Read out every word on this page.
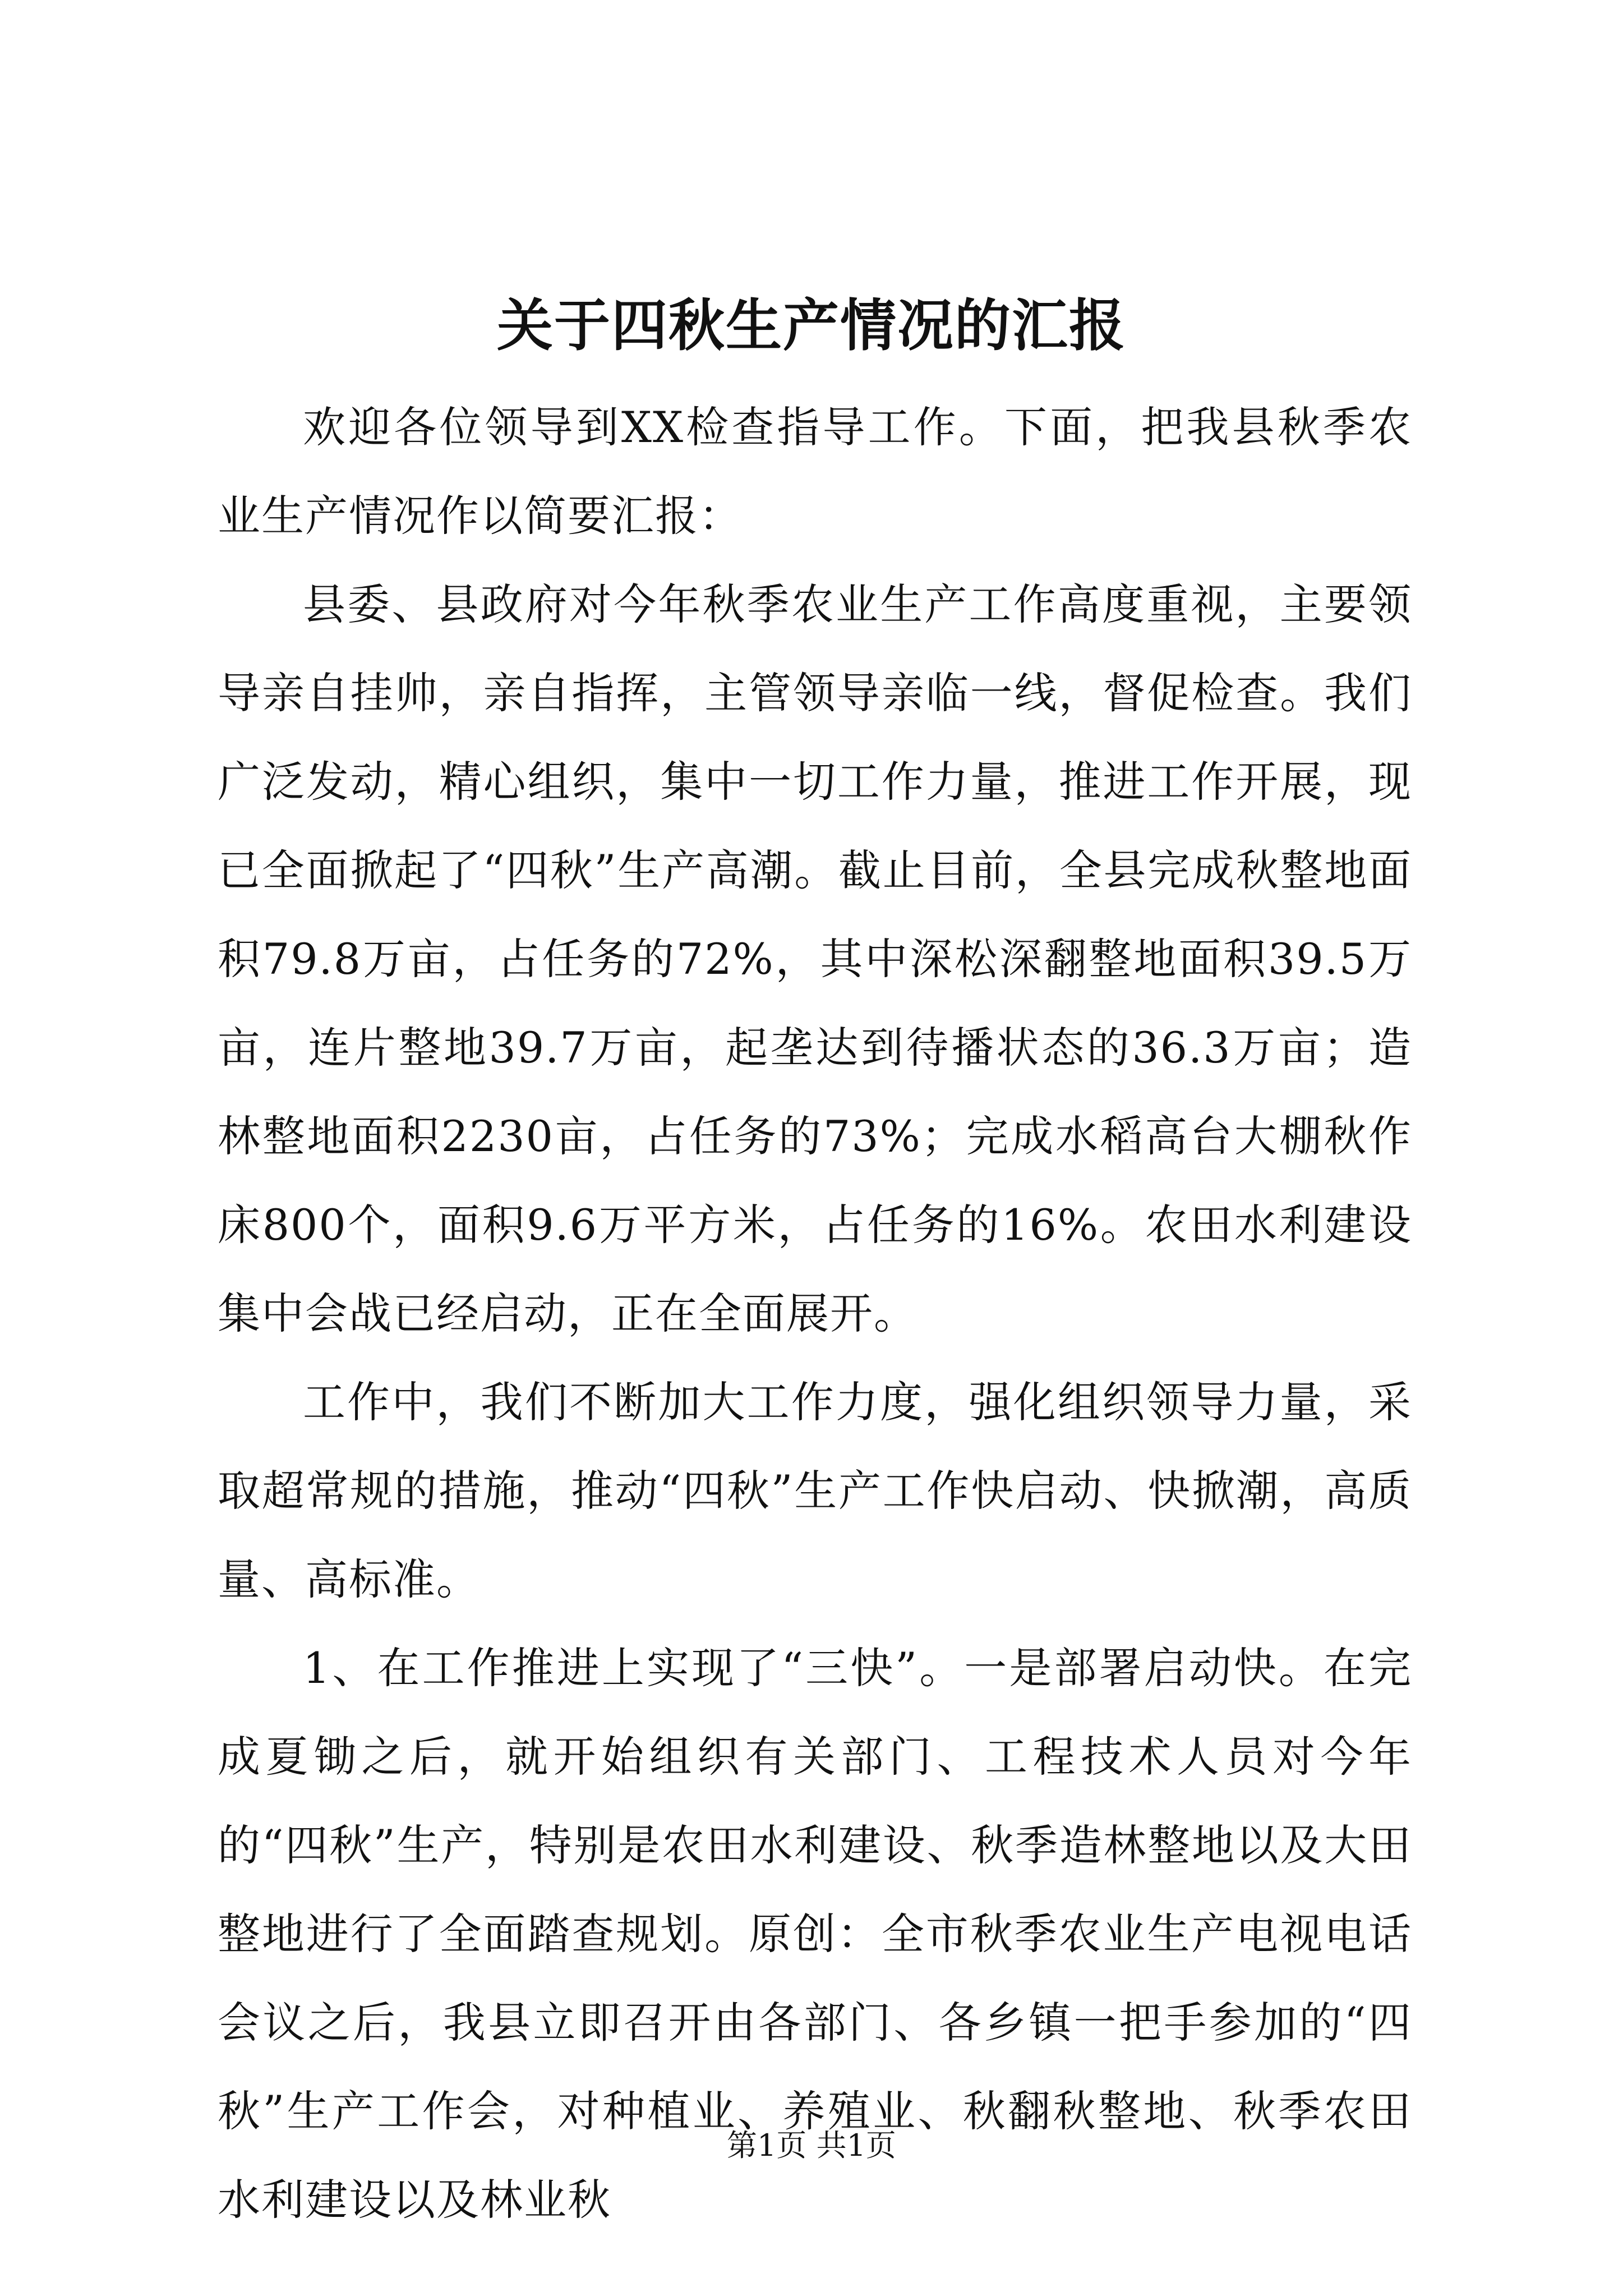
关于四秋生产情况的汇报

欢迎各位领导到XX检查指导工作。下面，把我县秋季农业生产情况作以简要汇报：

县委、县政府对今年秋季农业生产工作高度重视，主要领导亲自挂帅，亲自指挥，主管领导亲临一线，督促检查。我们广泛发动，精心组织，集中一切工作力量，推进工作开展，现已全面掀起了“四秋”生产高潮。截止目前，全县完成秋整地面积79.8万亩，占任务的72%，其中深松深翻整地面积39.5万亩，连片整地39.7万亩，起垄达到待播状态的36.3万亩；造林整地面积2230亩，占任务的73%；完成水稻高台大棚秋作床800个，面积9.6万平方米，占任务的16%。农田水利建设集中会战已经启动，正在全面展开。

工作中，我们不断加大工作力度，强化组织领导力量，采取超常规的措施，推动“四秋”生产工作快启动、快掀潮，高质量、高标准。

1、在工作推进上实现了“三快”。一是部署启动快。在完成夏锄之后，就开始组织有关部门、工程技术人员对今年的“四秋”生产，特别是农田水利建设、秋季造林整地以及大田整地进行了全面踏查规划。原创：全市秋季农业生产电视电话会议之后，我县立即召开由各部门、各乡镇一把手参加的“四秋”生产工作会，对种植业、养殖业、秋翻秋整地、秋季农田水利建设以及林业秋

第1页 共1页
